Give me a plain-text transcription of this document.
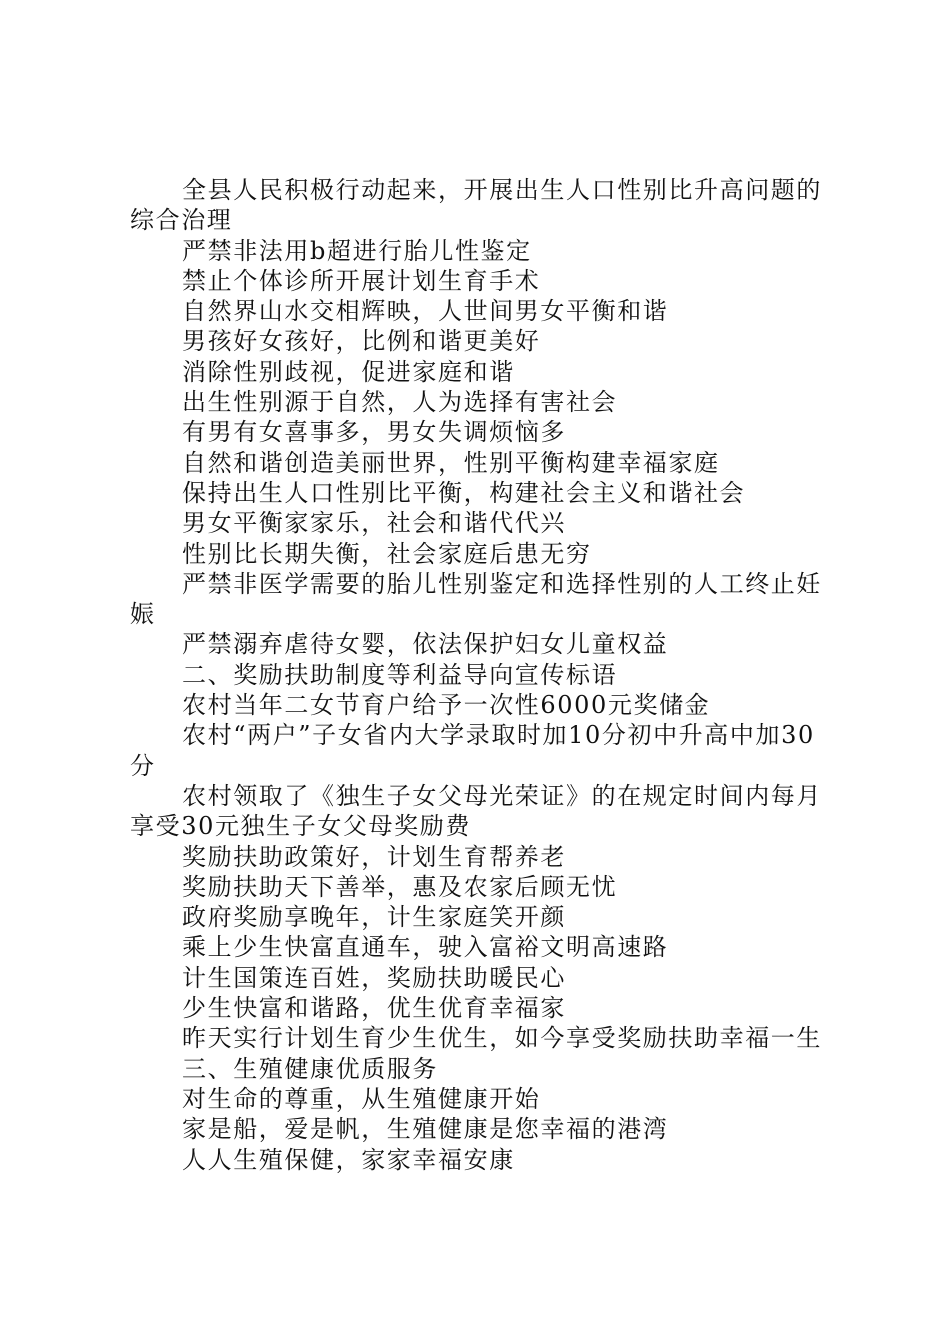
全县人民积极行动起来，开展出生人口性别比升高问题的综合治理

严禁非法用b超进行胎儿性鉴定

禁止个体诊所开展计划生育手术

自然界山水交相辉映，人世间男女平衡和谐

男孩好女孩好，比例和谐更美好

消除性别歧视，促进家庭和谐

出生性别源于自然，人为选择有害社会

有男有女喜事多，男女失调烦恼多

自然和谐创造美丽世界，性别平衡构建幸福家庭

保持出生人口性别比平衡，构建社会主义和谐社会

男女平衡家家乐，社会和谐代代兴

性别比长期失衡，社会家庭后患无穷

严禁非医学需要的胎儿性别鉴定和选择性别的人工终止妊娠

严禁溺弃虐待女婴，依法保护妇女儿童权益

二、奖励扶助制度等利益导向宣传标语

农村当年二女节育户给予一次性6000元奖储金

农村“两户”子女省内大学录取时加10分初中升高中加30分

农村领取了《独生子女父母光荣证》的在规定时间内每月享受30元独生子女父母奖励费

奖励扶助政策好，计划生育帮养老

奖励扶助天下善举，惠及农家后顾无忧

政府奖励享晚年，计生家庭笑开颜

乘上少生快富直通车，驶入富裕文明高速路

计生国策连百姓，奖励扶助暖民心

少生快富和谐路，优生优育幸福家

昨天实行计划生育少生优生，如今享受奖励扶助幸福一生

三、生殖健康优质服务

对生命的尊重，从生殖健康开始

家是船，爱是帆，生殖健康是您幸福的港湾

人人生殖保健，家家幸福安康
